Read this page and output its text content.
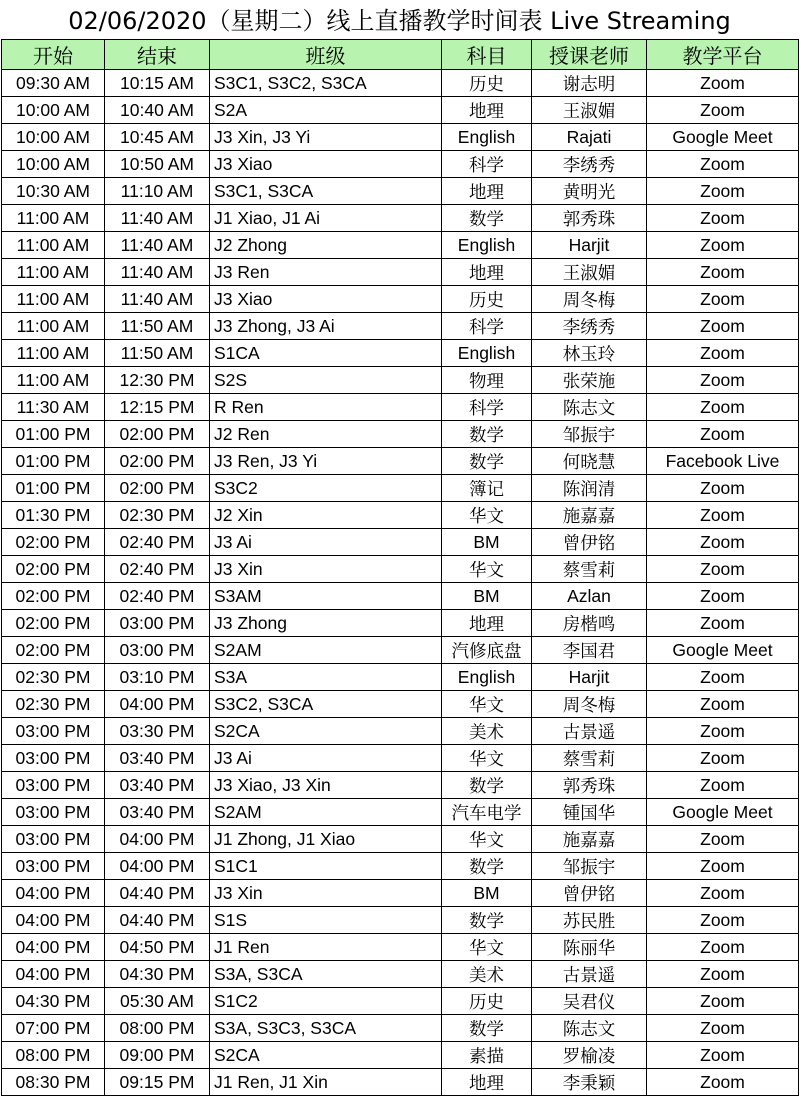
02/06/2020（星期二）线上直播教学时间表 Live Streaming
开始	结束	班级	科目	授课老师	教学平台
09:30 AM	10:15 AM	S3C1, S3C2, S3CA	历史	谢志明	Zoom
10:00 AM	10:40 AM	S2A	地理	王淑媚	Zoom
10:00 AM	10:45 AM	J3 Xin, J3 Yi	English	Rajati	Google Meet
10:00 AM	10:50 AM	J3 Xiao	科学	李绣秀	Zoom
10:30 AM	11:10 AM	S3C1, S3CA	地理	黄明光	Zoom
11:00 AM	11:40 AM	J1 Xiao, J1 Ai	数学	郭秀珠	Zoom
11:00 AM	11:40 AM	J2 Zhong	English	Harjit	Zoom
11:00 AM	11:40 AM	J3 Ren	地理	王淑媚	Zoom
11:00 AM	11:40 AM	J3 Xiao	历史	周冬梅	Zoom
11:00 AM	11:50 AM	J3 Zhong, J3 Ai	科学	李绣秀	Zoom
11:00 AM	11:50 AM	S1CA	English	林玉玲	Zoom
11:00 AM	12:30 PM	S2S	物理	张荣施	Zoom
11:30 AM	12:15 PM	R Ren	科学	陈志文	Zoom
01:00 PM	02:00 PM	J2 Ren	数学	邹振宇	Zoom
01:00 PM	02:00 PM	J3 Ren, J3 Yi	数学	何晓慧	Facebook Live
01:00 PM	02:00 PM	S3C2	簿记	陈润清	Zoom
01:30 PM	02:30 PM	J2 Xin	华文	施嘉嘉	Zoom
02:00 PM	02:40 PM	J3 Ai	BM	曾伊铭	Zoom
02:00 PM	02:40 PM	J3 Xin	华文	蔡雪莉	Zoom
02:00 PM	02:40 PM	S3AM	BM	Azlan	Zoom
02:00 PM	03:00 PM	J3 Zhong	地理	房楷鸣	Zoom
02:00 PM	03:00 PM	S2AM	汽修底盘	李国君	Google Meet
02:30 PM	03:10 PM	S3A	English	Harjit	Zoom
02:30 PM	04:00 PM	S3C2, S3CA	华文	周冬梅	Zoom
03:00 PM	03:30 PM	S2CA	美术	古景遥	Zoom
03:00 PM	03:40 PM	J3 Ai	华文	蔡雪莉	Zoom
03:00 PM	03:40 PM	J3 Xiao, J3 Xin	数学	郭秀珠	Zoom
03:00 PM	03:40 PM	S2AM	汽车电学	锺国华	Google Meet
03:00 PM	04:00 PM	J1 Zhong, J1 Xiao	华文	施嘉嘉	Zoom
03:00 PM	04:00 PM	S1C1	数学	邹振宇	Zoom
04:00 PM	04:40 PM	J3 Xin	BM	曾伊铭	Zoom
04:00 PM	04:40 PM	S1S	数学	苏民胜	Zoom
04:00 PM	04:50 PM	J1 Ren	华文	陈丽华	Zoom
04:00 PM	04:30 PM	S3A, S3CA	美术	古景遥	Zoom
04:30 PM	05:30 AM	S1C2	历史	吴君仪	Zoom
07:00 PM	08:00 PM	S3A, S3C3, S3CA	数学	陈志文	Zoom
08:00 PM	09:00 PM	S2CA	素描	罗榆凌	Zoom
08:30 PM	09:15 PM	J1 Ren, J1 Xin	地理	李秉颖	Zoom
